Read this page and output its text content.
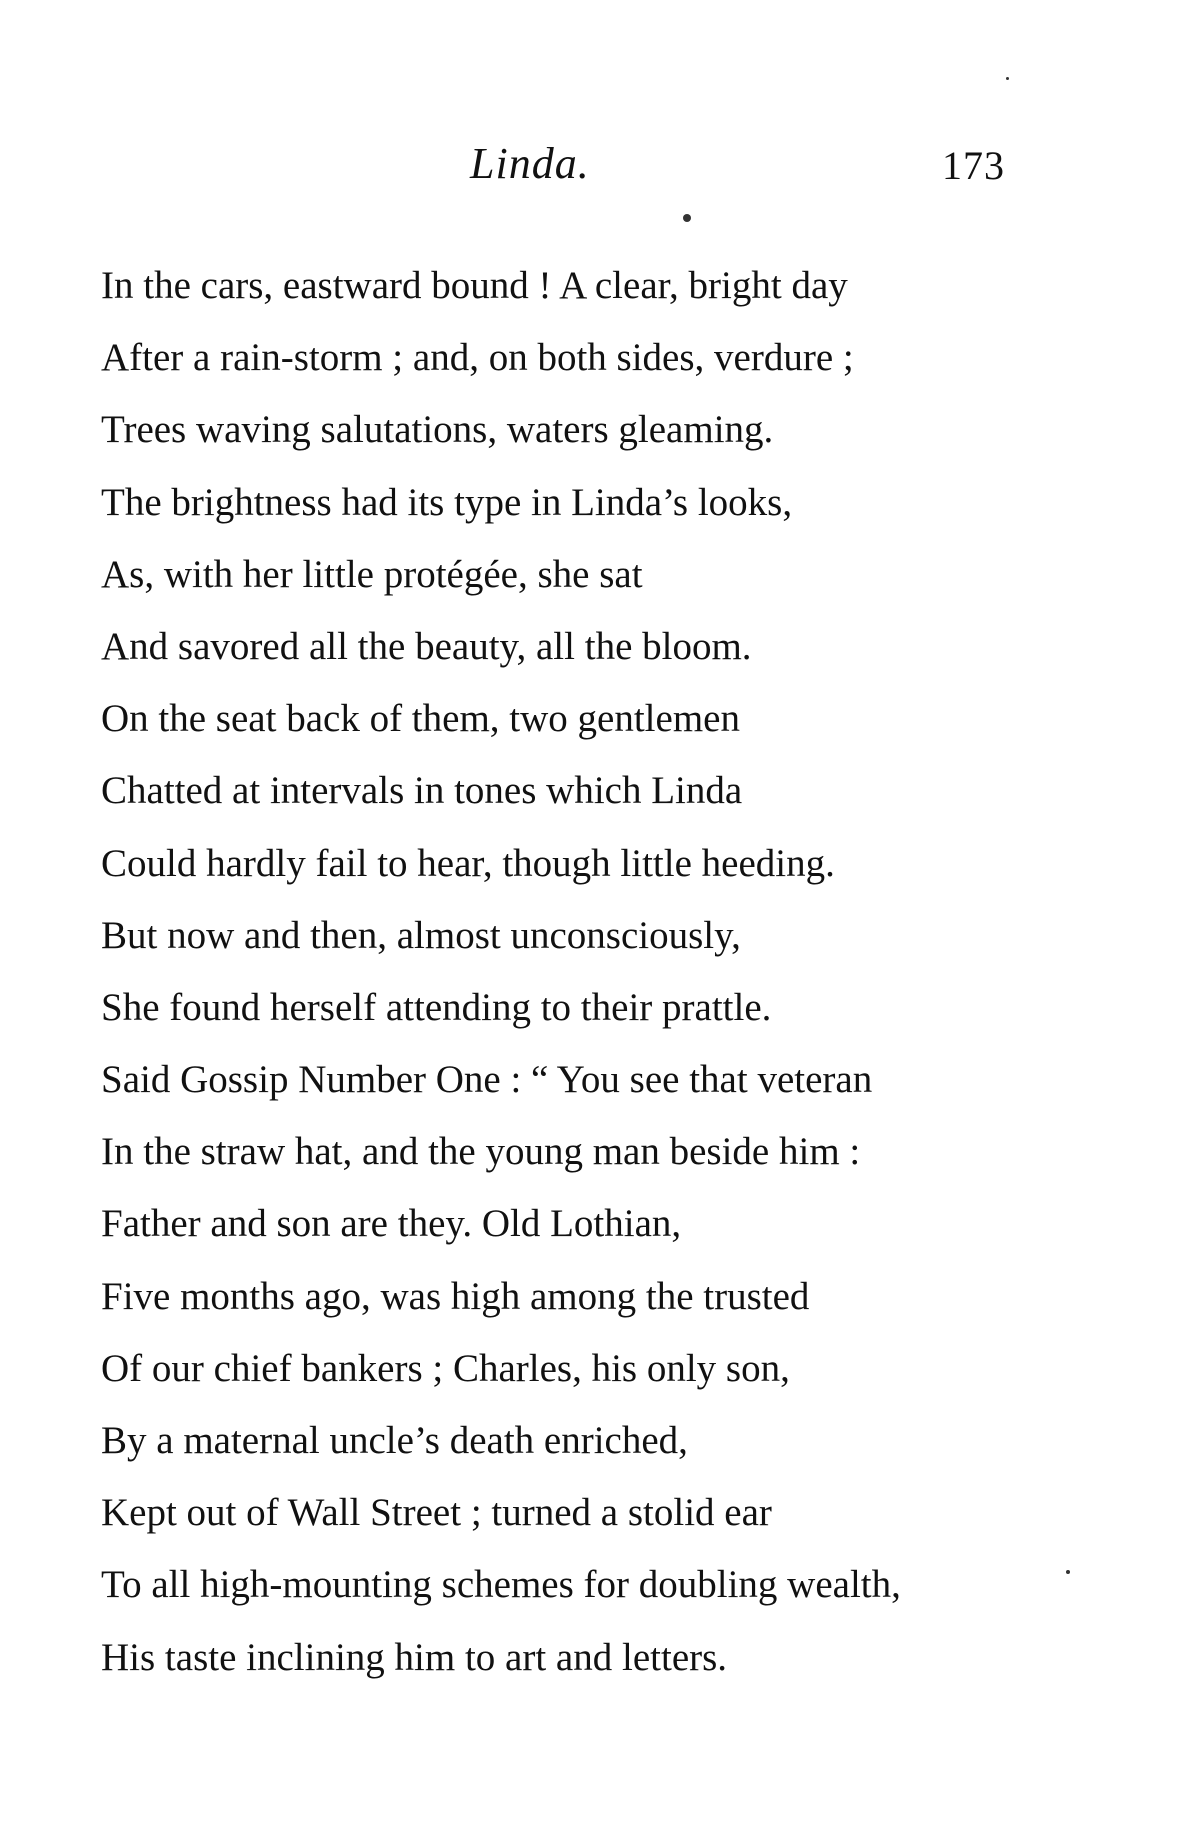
Linda.	173
In the cars, eastward bound ! A clear, bright day
After a rain-storm ; and, on both sides, verdure ;
Trees waving salutations, waters gleaming.
The brightness had its type in Linda’s looks,
As, with her little protégée, she sat
And savored all the beauty, all the bloom.
On the seat back of them, two gentlemen
Chatted at intervals in tones which Linda
Could hardly fail to hear, though little heeding.
But now and then, almost unconsciously,
She found herself attending to their prattle.
Said Gossip Number One : “ You see that veteran
In the straw hat, and the young man beside him :
Father and son are they. Old Lothian,
Five months ago, was high among the trusted
Of our chief bankers ; Charles, his only son,
By a maternal uncle’s death enriched,
Kept out of Wall Street ; turned a stolid ear
To all high-mounting schemes for doubling wealth,
His taste inclining him to art and letters.
